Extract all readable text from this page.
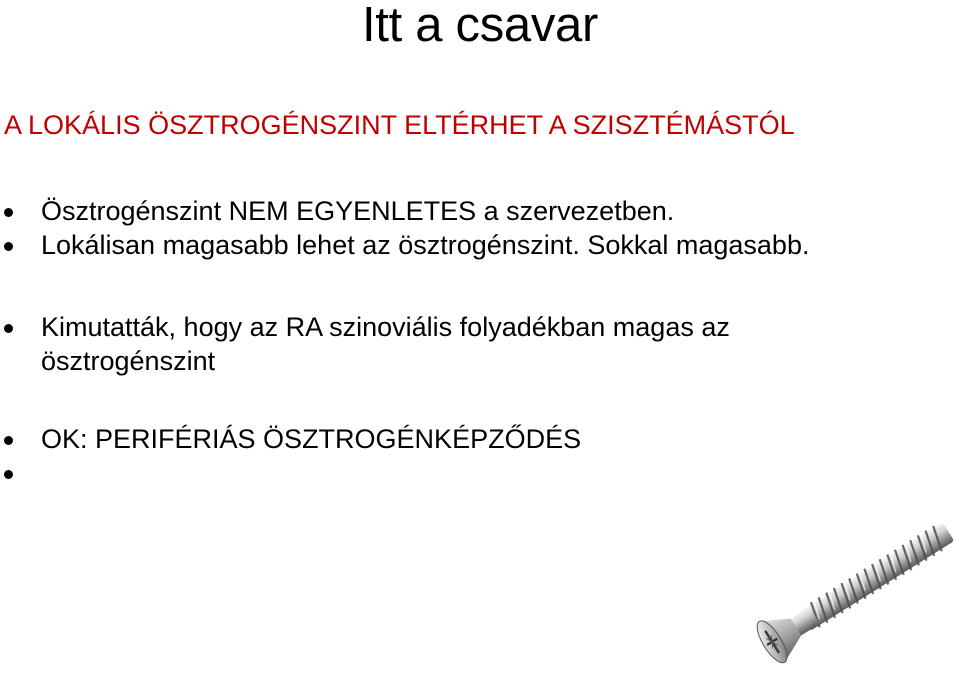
Itt a csavar
A LOKÁLIS ÖSZTROGÉNSZINT ELTÉRHET A SZISZTÉMÁSTÓL
Ösztrogénszint NEM EGYENLETES a szervezetben.
Lokálisan magasabb lehet az ösztrogénszint. Sokkal magasabb.
Kimutatták, hogy az RA szinoviális folyadékban magas az ösztrogénszint
OK: PERIFÉRIÁS ÖSZTROGÉNKÉPZŐDÉS
